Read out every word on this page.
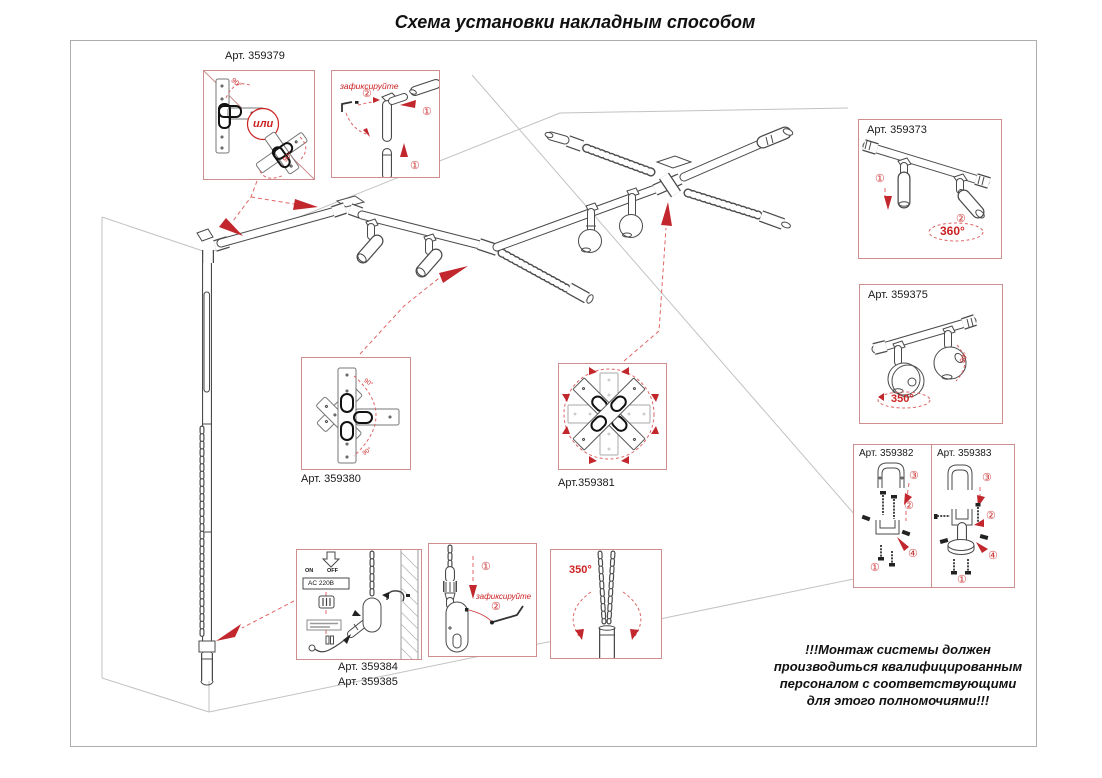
Схема установки накладным способом
Арт. 359379
или
90°
90°
зафиксируйте
②
①
①
Арт. 359373
①
②
360°
Арт. 359375
350°
90°
Арт. 359382
③
②
④
①
Арт. 359383
③
②
④
①
90°
90°
Арт. 359380	Арт.359381
ON	OFF
AC 220В
Арт. 359384
Арт. 359385
①
зафиксируйте
②
350°
!!!Монтаж системы должен
производиться квалифицированным
персоналом с соответствующими
для этого полномочиями!!!
